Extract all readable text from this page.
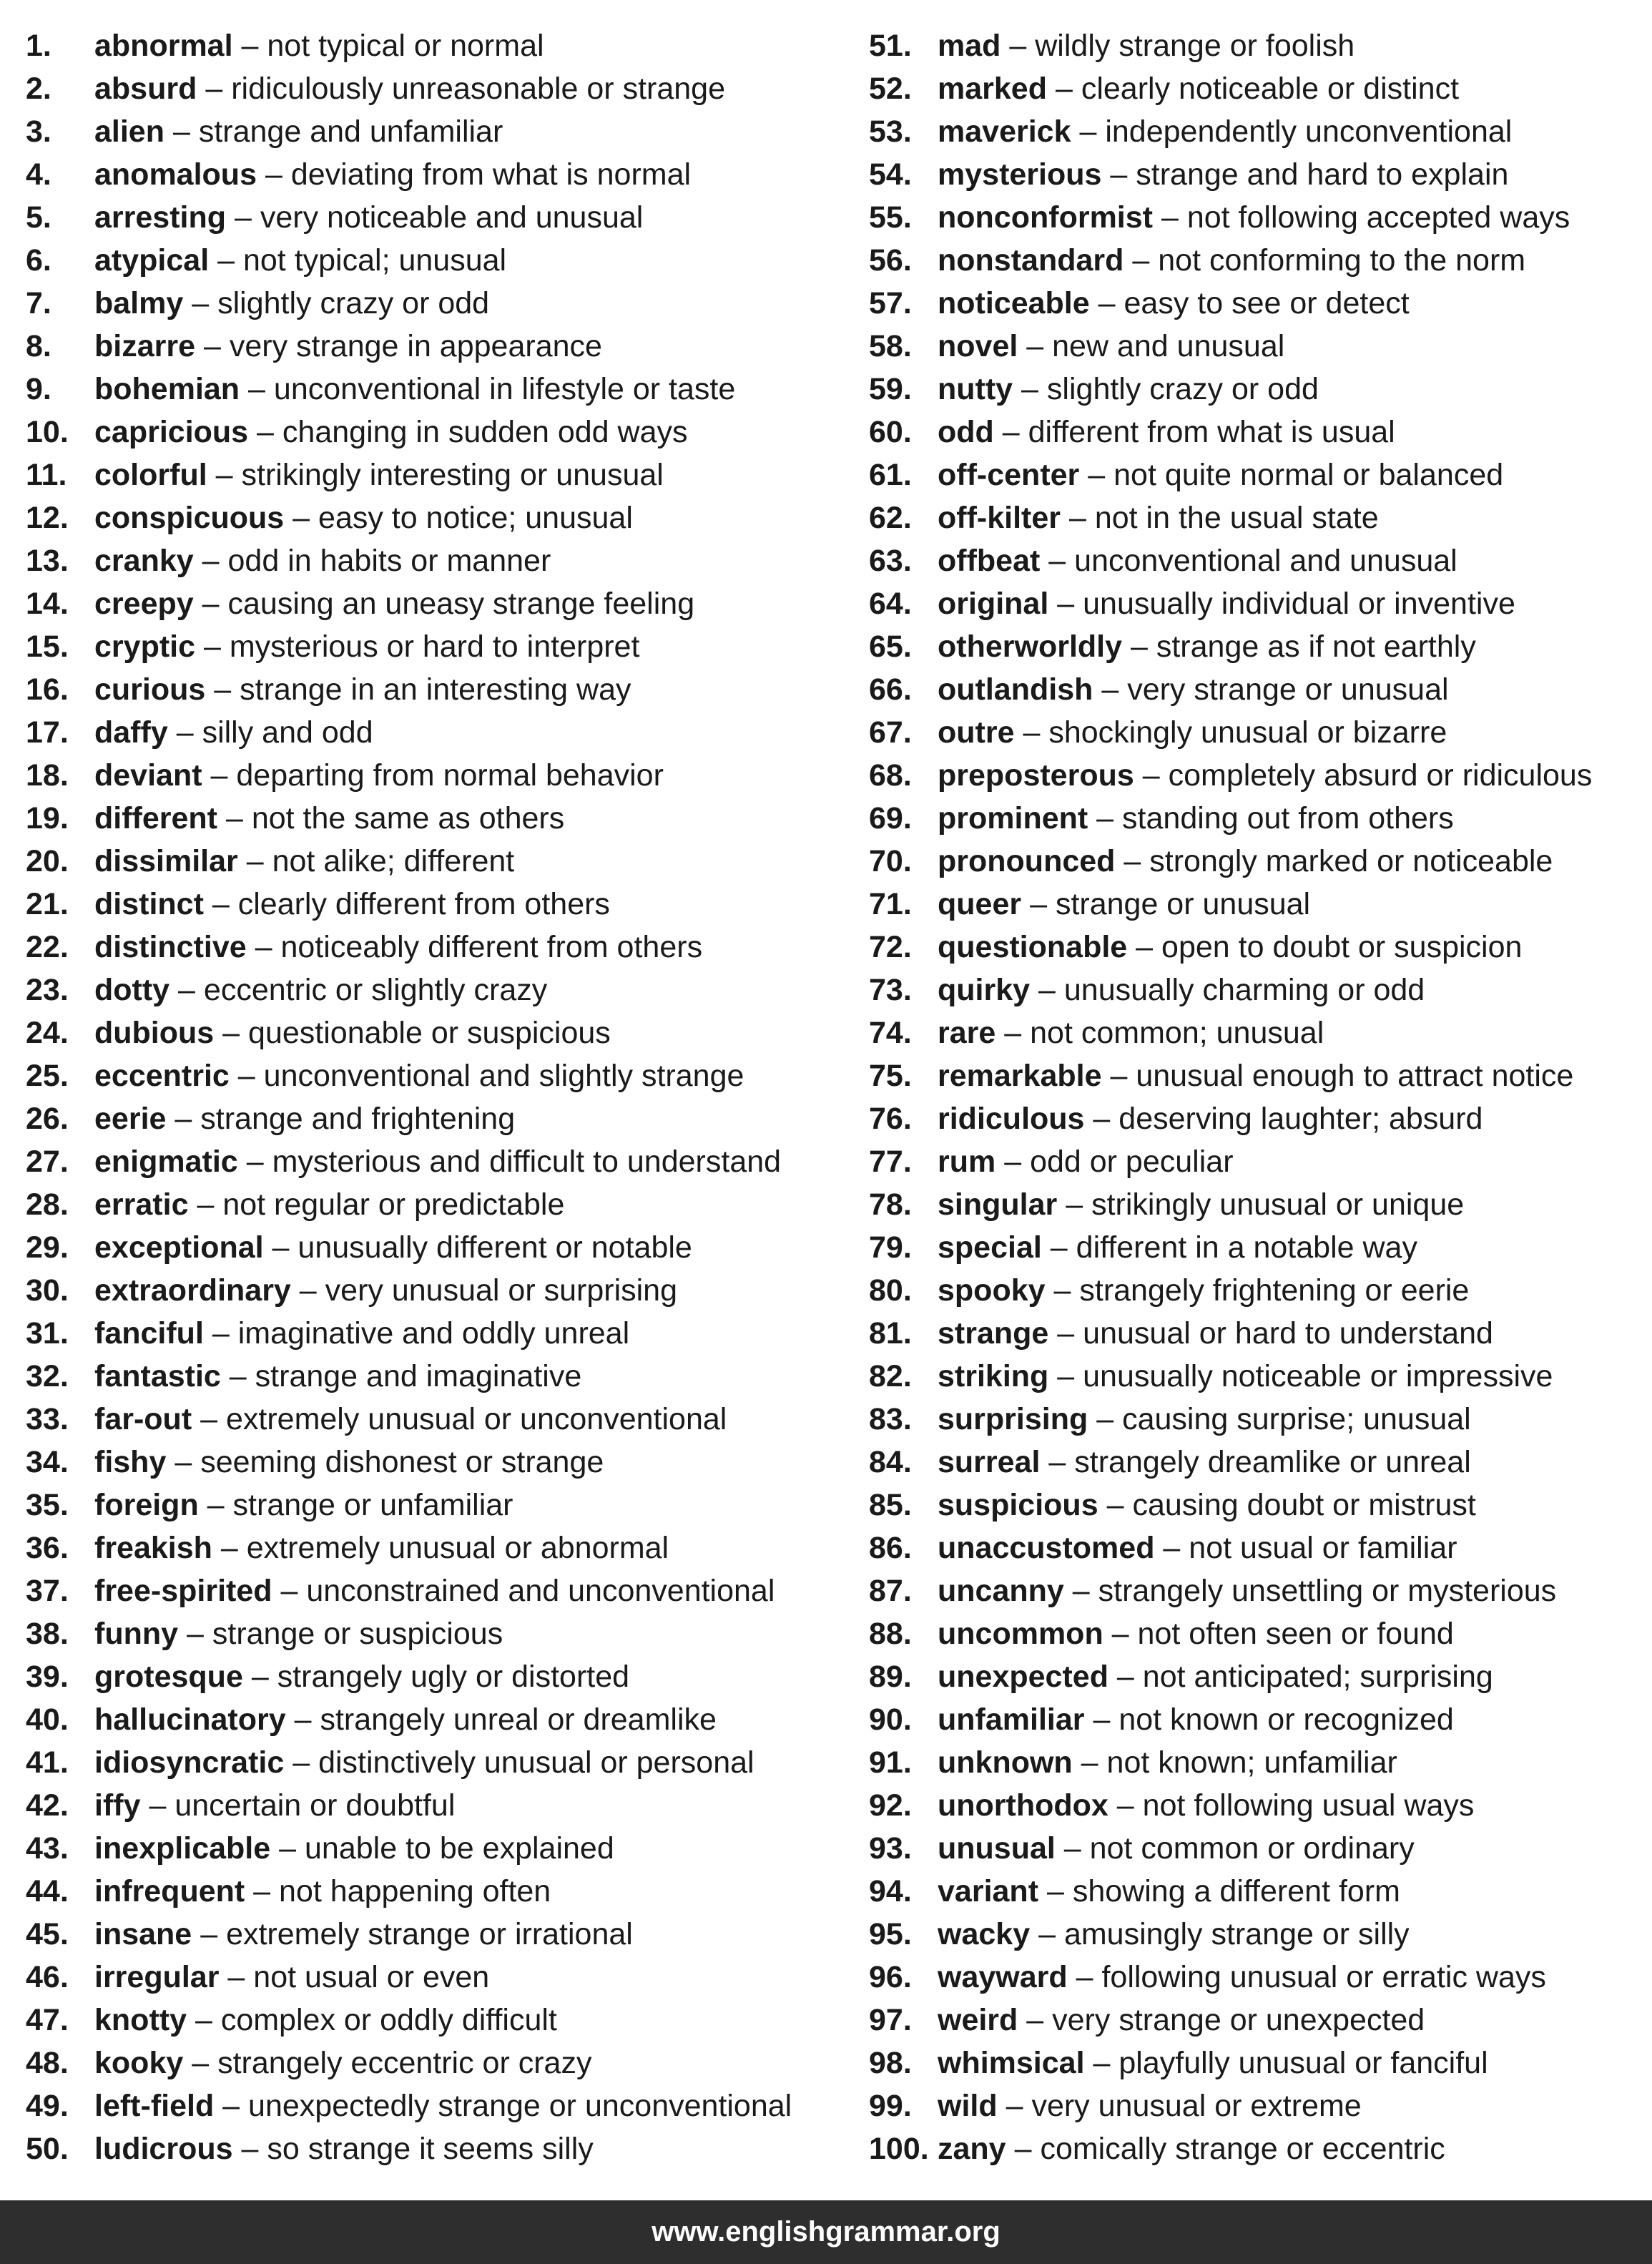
1. abnormal – not typical or normal
2. absurd – ridiculously unreasonable or strange
3. alien – strange and unfamiliar
4. anomalous – deviating from what is normal
5. arresting – very noticeable and unusual
6. atypical – not typical; unusual
7. balmy – slightly crazy or odd
8. bizarre – very strange in appearance
9. bohemian – unconventional in lifestyle or taste
10. capricious – changing in sudden odd ways
11. colorful – strikingly interesting or unusual
12. conspicuous – easy to notice; unusual
13. cranky – odd in habits or manner
14. creepy – causing an uneasy strange feeling
15. cryptic – mysterious or hard to interpret
16. curious – strange in an interesting way
17. daffy – silly and odd
18. deviant – departing from normal behavior
19. different – not the same as others
20. dissimilar – not alike; different
21. distinct – clearly different from others
22. distinctive – noticeably different from others
23. dotty – eccentric or slightly crazy
24. dubious – questionable or suspicious
25. eccentric – unconventional and slightly strange
26. eerie – strange and frightening
27. enigmatic – mysterious and difficult to understand
28. erratic – not regular or predictable
29. exceptional – unusually different or notable
30. extraordinary – very unusual or surprising
31. fanciful – imaginative and oddly unreal
32. fantastic – strange and imaginative
33. far-out – extremely unusual or unconventional
34. fishy – seeming dishonest or strange
35. foreign – strange or unfamiliar
36. freakish – extremely unusual or abnormal
37. free-spirited – unconstrained and unconventional
38. funny – strange or suspicious
39. grotesque – strangely ugly or distorted
40. hallucinatory – strangely unreal or dreamlike
41. idiosyncratic – distinctively unusual or personal
42. iffy – uncertain or doubtful
43. inexplicable – unable to be explained
44. infrequent – not happening often
45. insane – extremely strange or irrational
46. irregular – not usual or even
47. knotty – complex or oddly difficult
48. kooky – strangely eccentric or crazy
49. left-field – unexpectedly strange or unconventional
50. ludicrous – so strange it seems silly
51. mad – wildly strange or foolish
52. marked – clearly noticeable or distinct
53. maverick – independently unconventional
54. mysterious – strange and hard to explain
55. nonconformist – not following accepted ways
56. nonstandard – not conforming to the norm
57. noticeable – easy to see or detect
58. novel – new and unusual
59. nutty – slightly crazy or odd
60. odd – different from what is usual
61. off-center – not quite normal or balanced
62. off-kilter – not in the usual state
63. offbeat – unconventional and unusual
64. original – unusually individual or inventive
65. otherworldly – strange as if not earthly
66. outlandish – very strange or unusual
67. outre – shockingly unusual or bizarre
68. preposterous – completely absurd or ridiculous
69. prominent – standing out from others
70. pronounced – strongly marked or noticeable
71. queer – strange or unusual
72. questionable – open to doubt or suspicion
73. quirky – unusually charming or odd
74. rare – not common; unusual
75. remarkable – unusual enough to attract notice
76. ridiculous – deserving laughter; absurd
77. rum – odd or peculiar
78. singular – strikingly unusual or unique
79. special – different in a notable way
80. spooky – strangely frightening or eerie
81. strange – unusual or hard to understand
82. striking – unusually noticeable or impressive
83. surprising – causing surprise; unusual
84. surreal – strangely dreamlike or unreal
85. suspicious – causing doubt or mistrust
86. unaccustomed – not usual or familiar
87. uncanny – strangely unsettling or mysterious
88. uncommon – not often seen or found
89. unexpected – not anticipated; surprising
90. unfamiliar – not known or recognized
91. unknown – not known; unfamiliar
92. unorthodox – not following usual ways
93. unusual – not common or ordinary
94. variant – showing a different form
95. wacky – amusingly strange or silly
96. wayward – following unusual or erratic ways
97. weird – very strange or unexpected
98. whimsical – playfully unusual or fanciful
99. wild – very unusual or extreme
100. zany – comically strange or eccentric
www.englishgrammar.org
